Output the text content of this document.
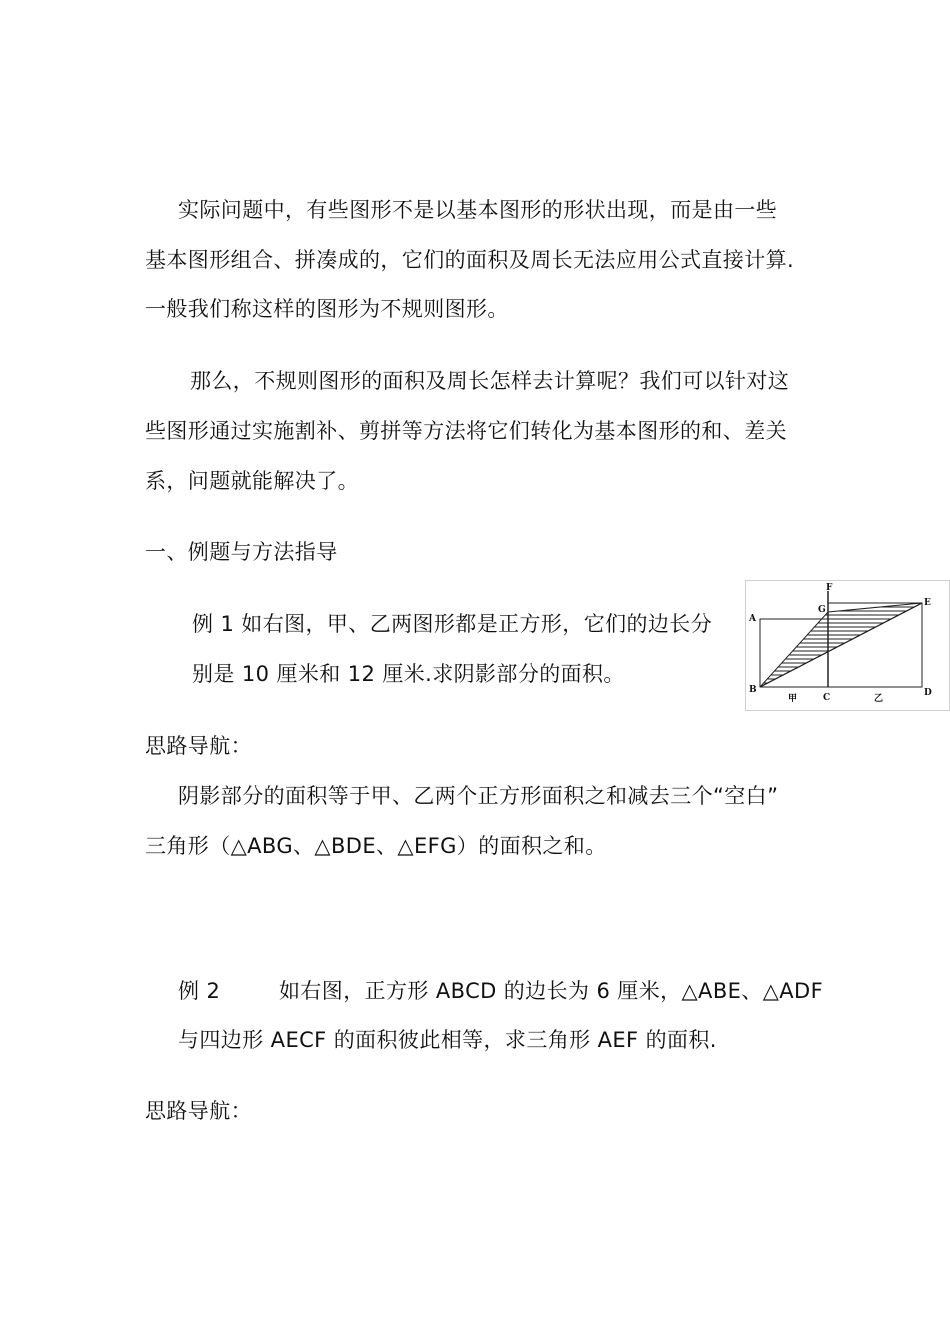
实际问题中，有些图形不是以基本图形的形状出现，而是由一些
基本图形组合、拼凑成的，它们的面积及周长无法应用公式直接计算.
一般我们称这样的图形为不规则图形。
那么，不规则图形的面积及周长怎样去计算呢？我们可以针对这
些图形通过实施割补、剪拼等方法将它们转化为基本图形的和、差关
系，问题就能解决了。
一、例题与方法指导
例 1 如右图，甲、乙两图形都是正方形，它们的边长分
别是 10 厘米和 12 厘米.求阴影部分的面积。
F
G
E
A
B
C	D
甲	乙
思路导航：
阴影部分的面积等于甲、乙两个正方形面积之和减去三个“空白”
三角形（△ABG、△BDE、△EFG）的面积之和。
例 2	如右图，正方形 ABCD 的边长为 6 厘米，△ABE、△ADF
与四边形 AECF 的面积彼此相等，求三角形 AEF 的面积.
思路导航：
